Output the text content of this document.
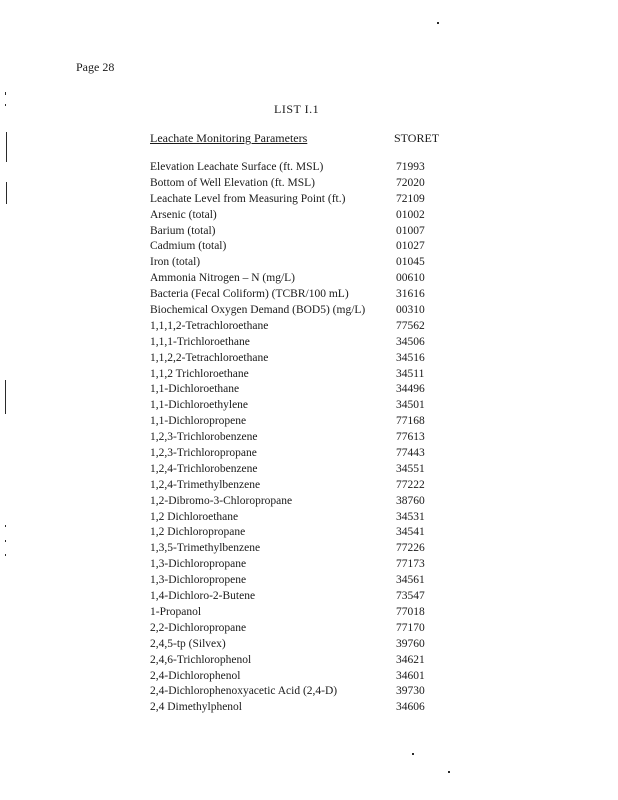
Page 28
LIST I.1
Leachate Monitoring Parameters	STORET
Elevation Leachate Surface (ft. MSL)	71993
Bottom of Well Elevation (ft. MSL)	72020
Leachate Level from Measuring Point (ft.)	72109
Arsenic (total)	01002
Barium (total)	01007
Cadmium (total)	01027
Iron (total)	01045
Ammonia Nitrogen – N (mg/L)	00610
Bacteria (Fecal Coliform) (TCBR/100 mL)	31616
Biochemical Oxygen Demand (BOD5) (mg/L)	00310
1,1,1,2-Tetrachloroethane	77562
1,1,1-Trichloroethane	34506
1,1,2,2-Tetrachloroethane	34516
1,1,2 Trichloroethane	34511
1,1-Dichloroethane	34496
1,1-Dichloroethylene	34501
1,1-Dichloropropene	77168
1,2,3-Trichlorobenzene	77613
1,2,3-Trichloropropane	77443
1,2,4-Trichlorobenzene	34551
1,2,4-Trimethylbenzene	77222
1,2-Dibromo-3-Chloropropane	38760
1,2 Dichloroethane	34531
1,2 Dichloropropane	34541
1,3,5-Trimethylbenzene	77226
1,3-Dichloropropane	77173
1,3-Dichloropropene	34561
1,4-Dichloro-2-Butene	73547
1-Propanol	77018
2,2-Dichloropropane	77170
2,4,5-tp (Silvex)	39760
2,4,6-Trichlorophenol	34621
2,4-Dichlorophenol	34601
2,4-Dichlorophenoxyacetic Acid (2,4-D)	39730
2,4 Dimethylphenol	34606
